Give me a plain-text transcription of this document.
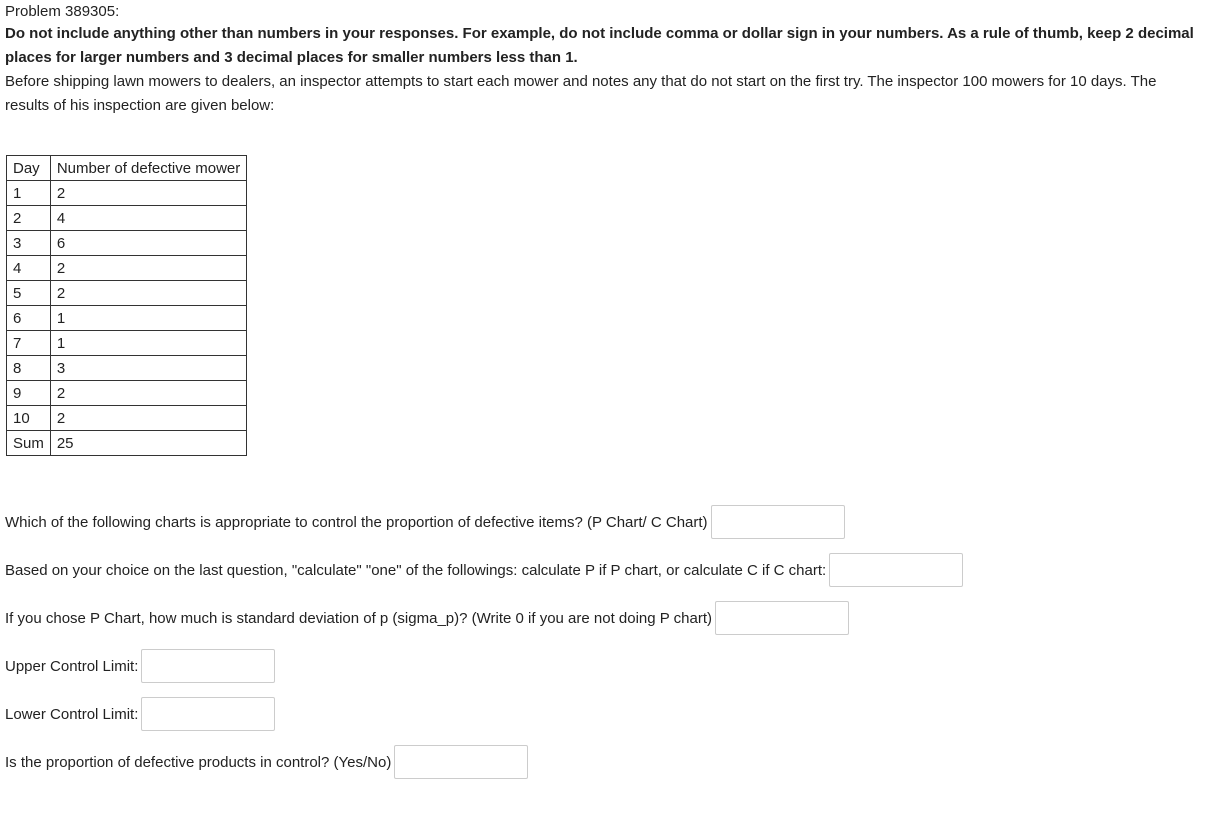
Problem 389305:
Do not include anything other than numbers in your responses. For example, do not include comma or dollar sign in your numbers. As a rule of thumb, keep 2 decimal places for larger numbers and 3 decimal places for smaller numbers less than 1.
Before shipping lawn mowers to dealers, an inspector attempts to start each mower and notes any that do not start on the first try. The inspector 100 mowers for 10 days. The results of his inspection are given below:
Day	Number of defective mower
1	2
2	4
3	6
4	2
5	2
6	1
7	1
8	3
9	2
10	2
Sum	25
Which of the following charts is appropriate to control the proportion of defective items? (P Chart/ C Chart)
Based on your choice on the last question, "calculate" "one" of the followings: calculate P if P chart, or calculate C if C chart:
If you chose P Chart, how much is standard deviation of p (sigma_p)? (Write 0 if you are not doing P chart)
Upper Control Limit:
Lower Control Limit:
Is the proportion of defective products in control? (Yes/No)
